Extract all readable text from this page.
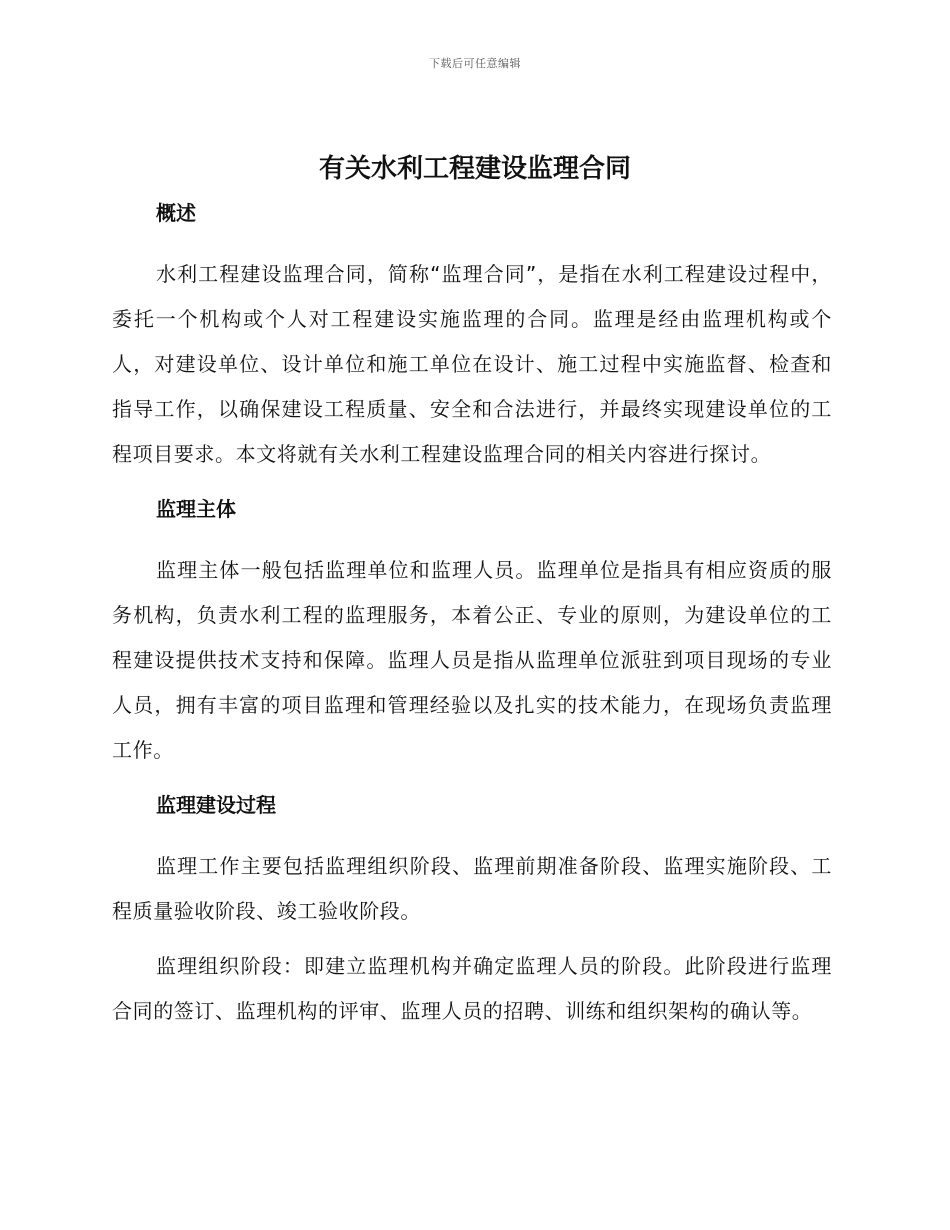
下载后可任意编辑
有关水利工程建设监理合同
概述

水利工程建设监理合同，简称“监理合同”，是指在水利工程建设过程中，委托一个机构或个人对工程建设实施监理的合同。监理是经由监理机构或个人，对建设单位、设计单位和施工单位在设计、施工过程中实施监督、检查和指导工作，以确保建设工程质量、安全和合法进行，并最终实现建设单位的工程项目要求。本文将就有关水利工程建设监理合同的相关内容进行探讨。

监理主体

监理主体一般包括监理单位和监理人员。监理单位是指具有相应资质的服务机构，负责水利工程的监理服务，本着公正、专业的原则，为建设单位的工程建设提供技术支持和保障。监理人员是指从监理单位派驻到项目现场的专业人员，拥有丰富的项目监理和管理经验以及扎实的技术能力，在现场负责监理工作。

监理建设过程

监理工作主要包括监理组织阶段、监理前期准备阶段、监理实施阶段、工程质量验收阶段、竣工验收阶段。

监理组织阶段：即建立监理机构并确定监理人员的阶段。此阶段进行监理合同的签订、监理机构的评审、监理人员的招聘、训练和组织架构的确认等。
